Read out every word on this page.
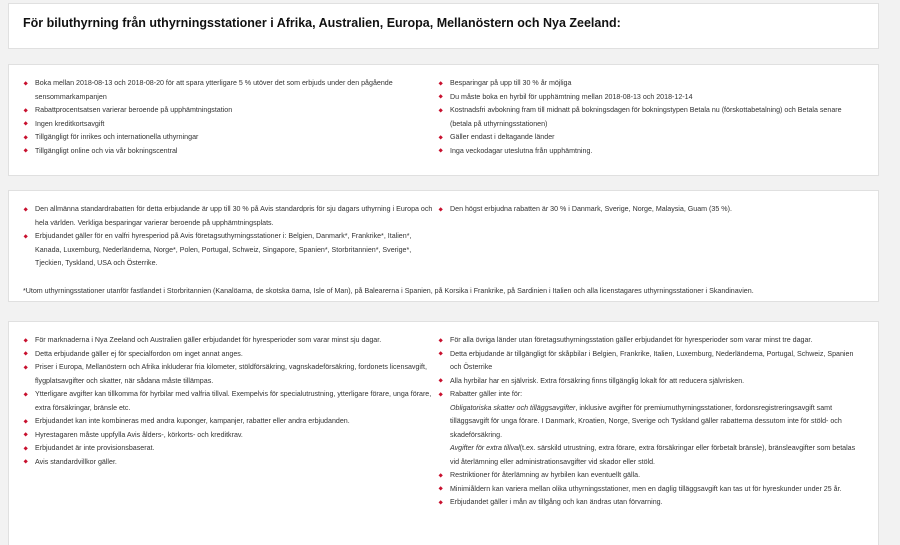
För biluthyrning från uthyrningsstationer i Afrika, Australien, Europa, Mellanöstern och Nya Zeeland:
Boka mellan 2018-08-13 och 2018-08-20 för att spara ytterligare 5 % utöver det som erbjuds under den pågående sensommarkampanjen
Rabattprocentsatsen varierar beroende på upphämtningstation
Ingen kreditkortsavgift
Tillgängligt för inrikes och internationella uthyrningar
Tillgängligt online och via vår bokningscentral
Besparingar på upp till 30 % år möjliga
Du måste boka en hyrbil för upphämtning mellan 2018-08-13 och 2018-12-14
Kostnadsfri avbokning fram till midnatt på bokningsdagen för bokningstypen Betala nu (förskottabetalning) och Betala senare (betala på uthyrningsstationen)
Gäller endast i deltagande länder
Inga veckodagar uteslutna från upphämtning.
Den allmänna standardrabatten för detta erbjudande är upp till 30 % på Avis standardpris för sju dagars uthyrning i Europa och hela världen. Verkliga besparingar varierar beroende på upphämtningsplats.
Erbjudandet gäller för en valfri hyresperiod på Avis företagsuthyrningsstationer i: Belgien, Danmark*, Frankrike*, Italien*, Kanada, Luxemburg, Nederländerna, Norge*, Polen, Portugal, Schweiz, Singapore, Spanien*, Storbritannien*, Sverige*, Tjeckien, Tyskland, USA och Österrike.
Den högst erbjudna rabatten är 30 % i Danmark, Sverige, Norge, Malaysia, Guam (35 %).
*Utom uthyrningsstationer utanför fastlandet i Storbritannien (Kanalöarna, de skotska öarna, Isle of Man), på Balearerna i Spanien, på Korsika i Frankrike, på Sardinien i Italien och alla licenstagares uthyrningsstationer i Skandinavien.
För marknaderna i Nya Zeeland och Australien gäller erbjudandet för hyresperioder som varar minst sju dagar.
Detta erbjudande gäller ej för specialfordon om inget annat anges.
Priser i Europa, Mellanöstern och Afrika inkluderar fria kilometer, stöldförsäkring, vagnskadeförsäkring, fordonets licensavgift, flygplatsavgifter och skatter, när sådana måste tillämpas.
Ytterligare avgifter kan tillkomma för hyrbilar med valfria tillval. Exempelvis för specialutrustning, ytterligare förare, unga förare, extra försäkringar, bränsle etc.
Erbjudandet kan inte kombineras med andra kuponger, kampanjer, rabatter eller andra erbjudanden.
Hyrestagaren måste uppfylla Avis ålders-, körkorts- och kreditkrav.
Erbjudandet är inte provisionsbaserat.
Avis standardvillkor gäller.
För alla övriga länder utan företagsuthyrningsstation gäller erbjudandet för hyresperioder som varar minst tre dagar.
Detta erbjudande är tillgängligt för skåpbilar i Belgien, Frankrike, Italien, Luxemburg, Nederländerna, Portugal, Schweiz, Spanien och Österrike
Alla hyrbilar har en självrisk. Extra försäkring finns tillgänglig lokalt för att reducera självrisken.
Rabatter gäller inte för:
Obligatoriska skatter och tilläggsavgifter, inklusive avgifter för premiumuthyrningsstationer, fordonsregistreringsavgift samt tilläggsavgift för unga förare. I Danmark, Kroatien, Norge, Sverige och Tyskland gäller rabatterna dessutom inte för stöld- och skadeförsäkring.
Avgifter för extra tillval(t.ex. särskild utrustning, extra förare, extra försäkringar eller förbetalt bränsle), bränsleavgifter som betalas vid återlämning eller administrationsavgifter vid skador eller stöld.
Restriktioner för återlämning av hyrbilen kan eventuellt gälla.
Minimiåldern kan variera mellan olika uthyrningsstationer, men en daglig tilläggsavgift kan tas ut för hyreskunder under 25 år.
Erbjudandet gäller i mån av tillgång och kan ändras utan förvarning.
